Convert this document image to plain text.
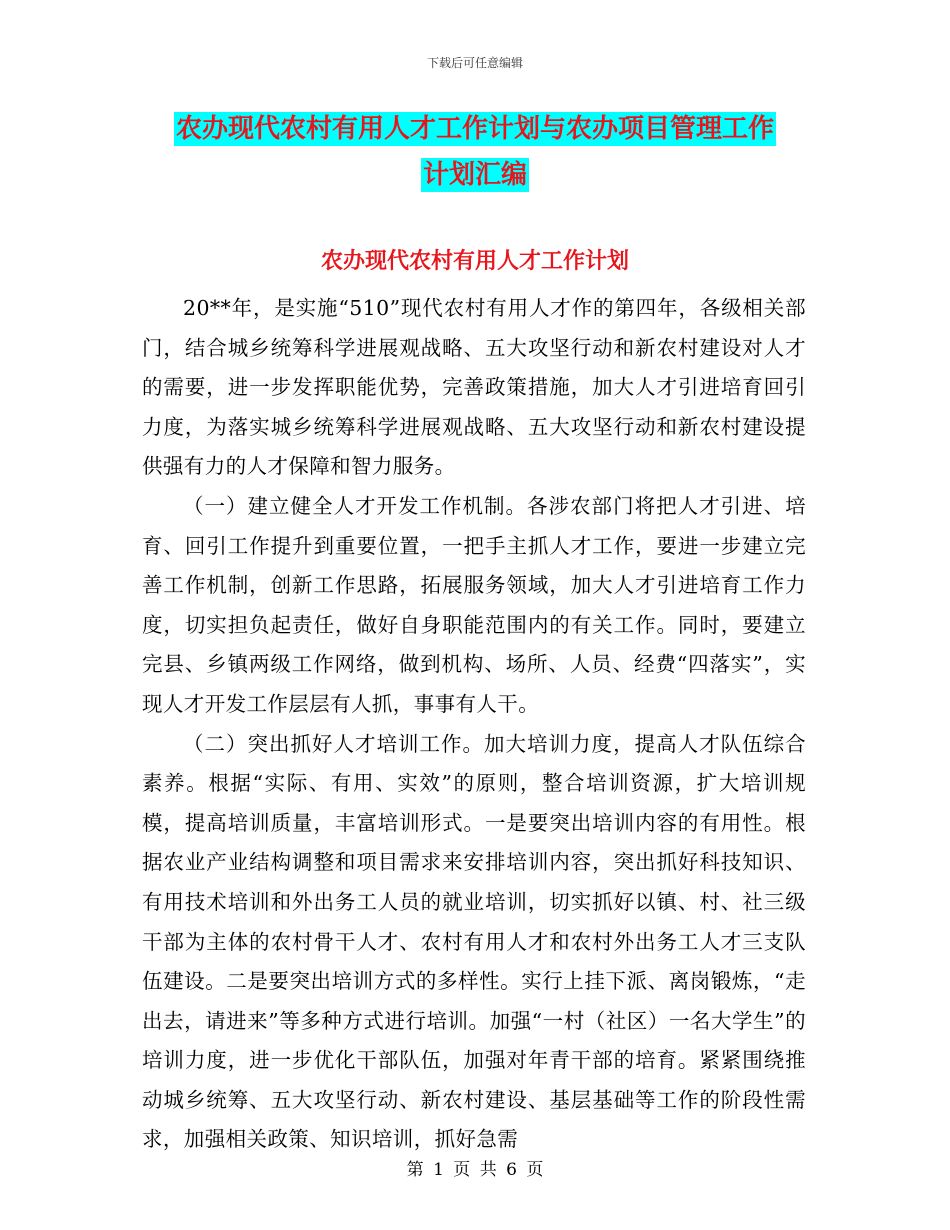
下载后可任意编辑
农办现代农村有用人才工作计划与农办项目管理工作
计划汇编
农办现代农村有用人才工作计划

20**年，是实施“510”现代农村有用人才作的第四年，各级相关部门，结合城乡统筹科学进展观战略、五大攻坚行动和新农村建设对人才的需要，进一步发挥职能优势，完善政策措施，加大人才引进培育回引力度，为落实城乡统筹科学进展观战略、五大攻坚行动和新农村建设提供强有力的人才保障和智力服务。

（一）建立健全人才开发工作机制。各涉农部门将把人才引进、培育、回引工作提升到重要位置，一把手主抓人才工作，要进一步建立完善工作机制，创新工作思路，拓展服务领域，加大人才引进培育工作力度，切实担负起责任，做好自身职能范围内的有关工作。同时，要建立完县、乡镇两级工作网络，做到机构、场所、人员、经费“四落实”，实现人才开发工作层层有人抓，事事有人干。

（二）突出抓好人才培训工作。加大培训力度，提高人才队伍综合素养。根据“实际、有用、实效”的原则，整合培训资源，扩大培训规模，提高培训质量，丰富培训形式。一是要突出培训内容的有用性。根据农业产业结构调整和项目需求来安排培训内容，突出抓好科技知识、有用技术培训和外出务工人员的就业培训，切实抓好以镇、村、社三级干部为主体的农村骨干人才、农村有用人才和农村外出务工人才三支队伍建设。二是要突出培训方式的多样性。实行上挂下派、离岗锻炼，“走出去，请进来”等多种方式进行培训。加强“一村（社区）一名大学生”的培训力度，进一步优化干部队伍，加强对年青干部的培育。紧紧围绕推动城乡统筹、五大攻坚行动、新农村建设、基层基础等工作的阶段性需求，加强相关政策、知识培训，抓好急需

第 1 页 共 6 页
